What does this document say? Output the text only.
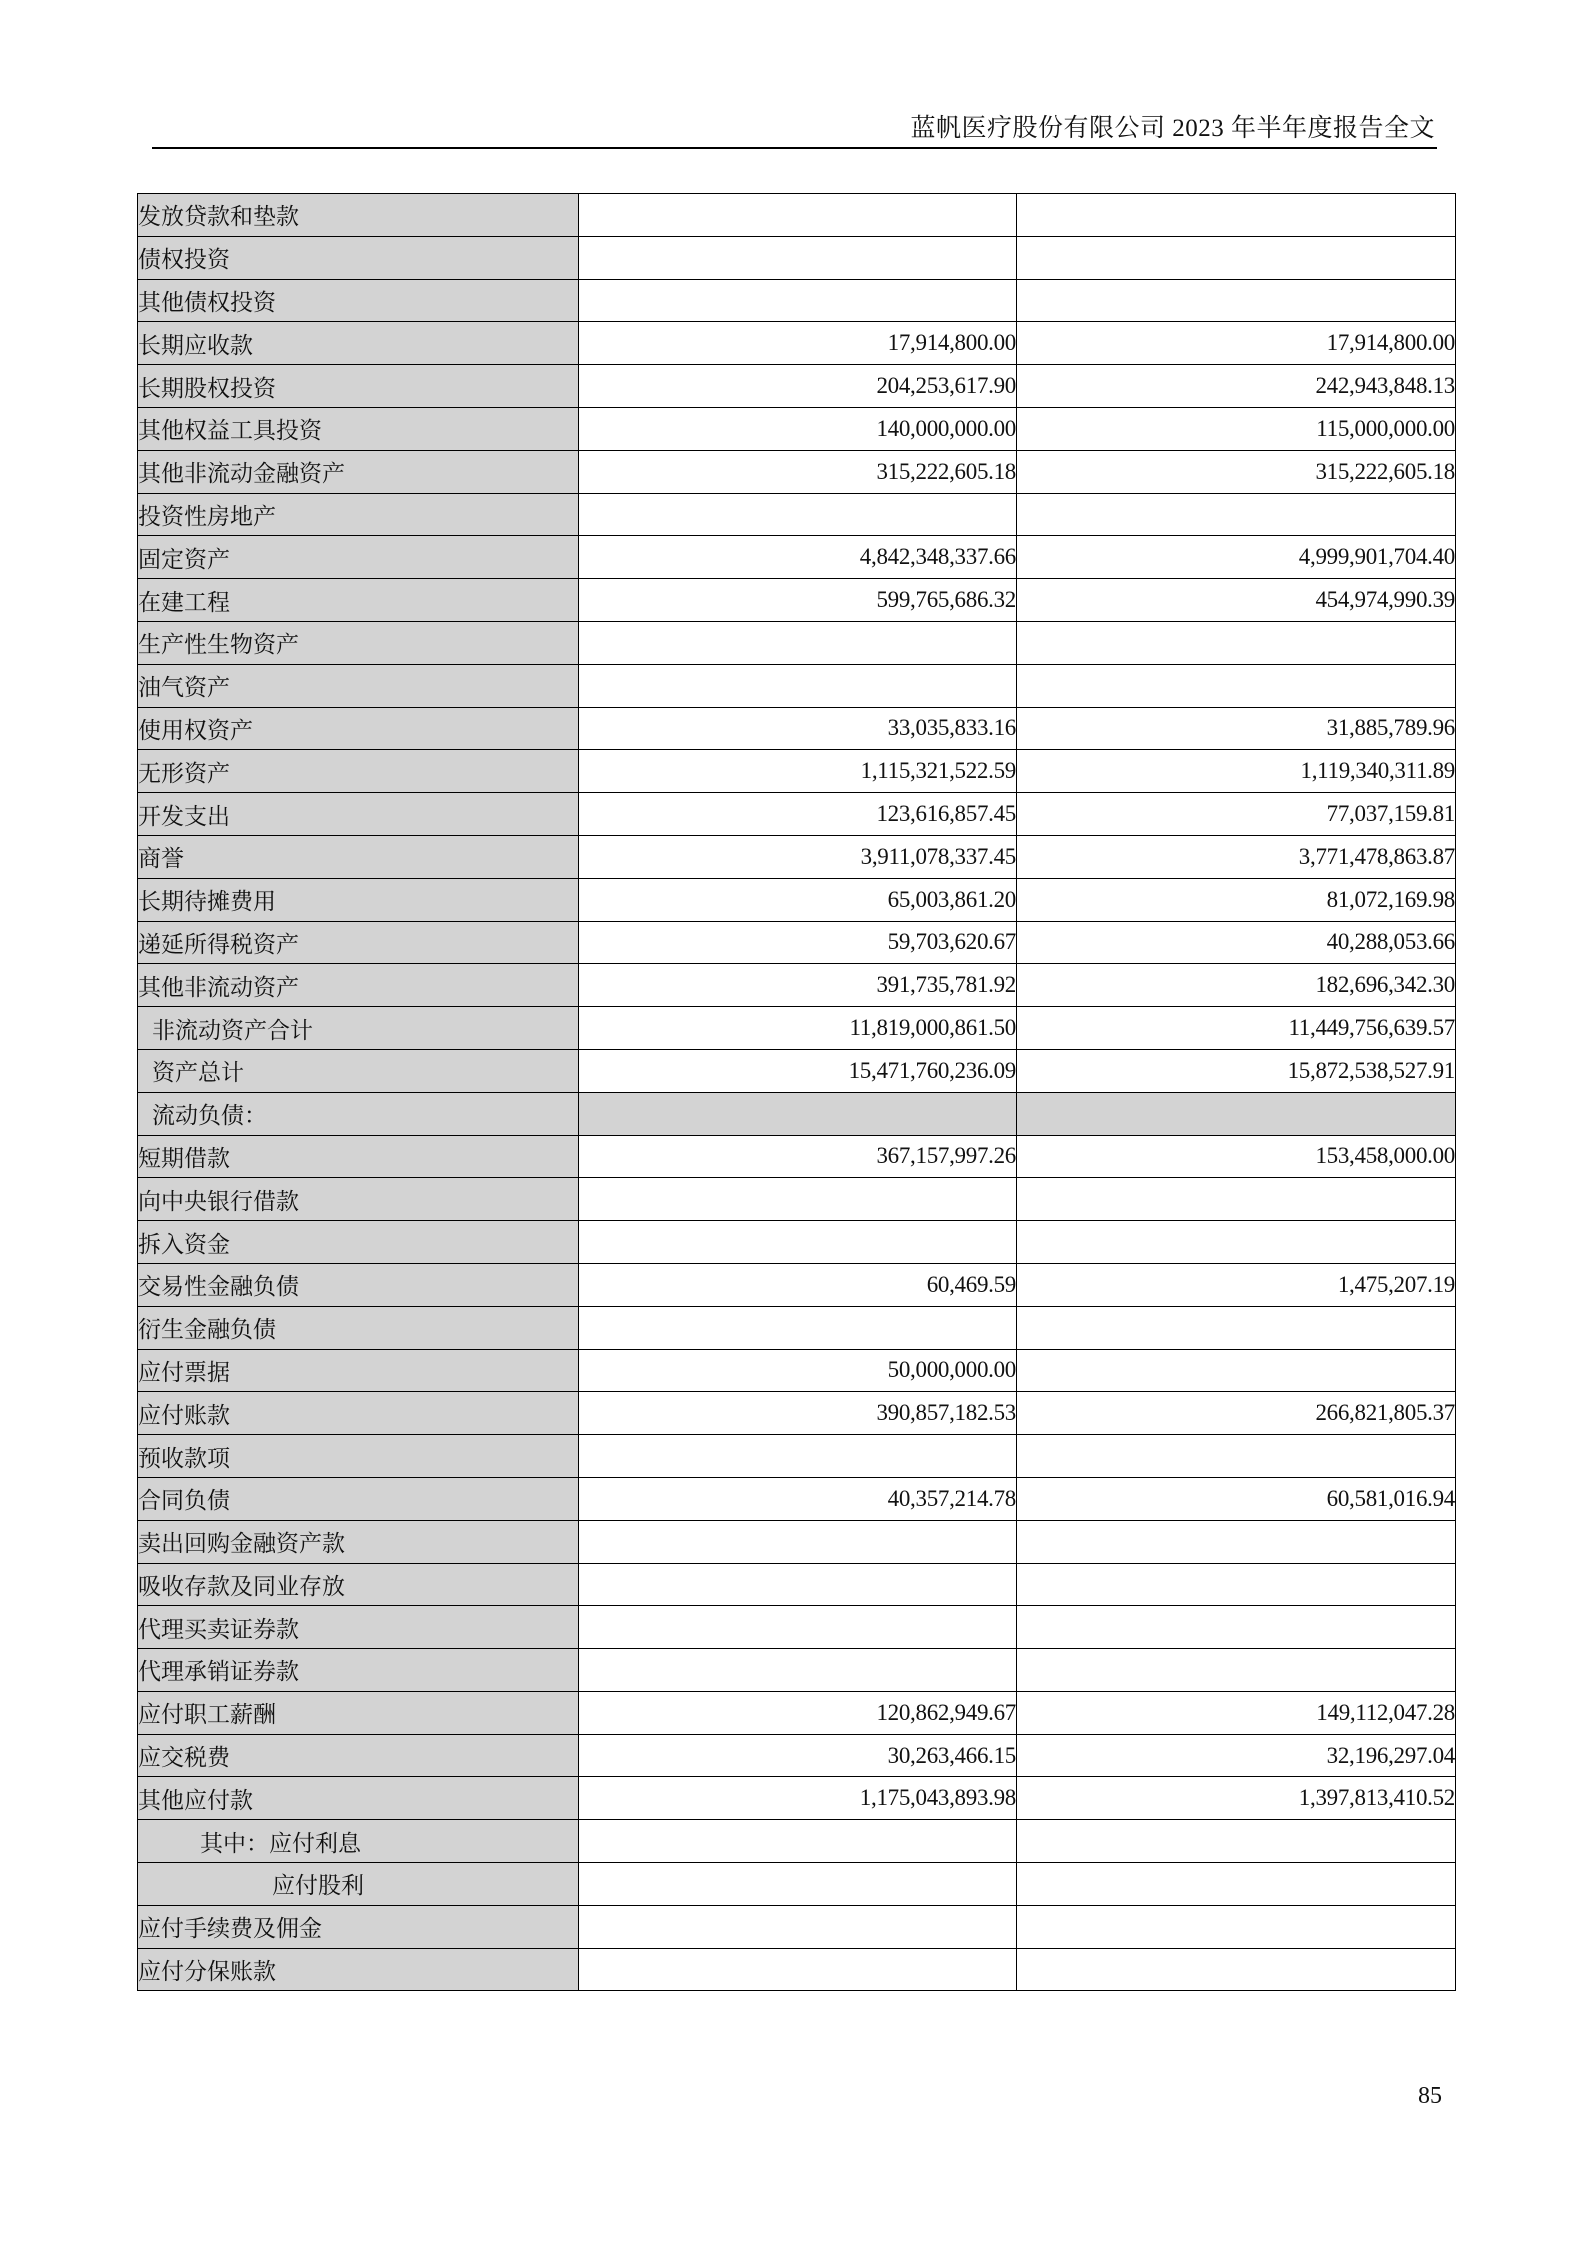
蓝帆医疗股份有限公司 2023 年半年度报告全文
发放贷款和垫款		
债权投资		
其他债权投资		
长期应收款	17,914,800.00	17,914,800.00
长期股权投资	204,253,617.90	242,943,848.13
其他权益工具投资	140,000,000.00	115,000,000.00
其他非流动金融资产	315,222,605.18	315,222,605.18
投资性房地产		
固定资产	4,842,348,337.66	4,999,901,704.40
在建工程	599,765,686.32	454,974,990.39
生产性生物资产		
油气资产		
使用权资产	33,035,833.16	31,885,789.96
无形资产	1,115,321,522.59	1,119,340,311.89
开发支出	123,616,857.45	77,037,159.81
商誉	3,911,078,337.45	3,771,478,863.87
长期待摊费用	65,003,861.20	81,072,169.98
递延所得税资产	59,703,620.67	40,288,053.66
其他非流动资产	391,735,781.92	182,696,342.30
非流动资产合计	11,819,000,861.50	11,449,756,639.57
资产总计	15,471,760,236.09	15,872,538,527.91
流动负债：		
短期借款	367,157,997.26	153,458,000.00
向中央银行借款		
拆入资金		
交易性金融负债	60,469.59	1,475,207.19
衍生金融负债		
应付票据	50,000,000.00	
应付账款	390,857,182.53	266,821,805.37
预收款项		
合同负债	40,357,214.78	60,581,016.94
卖出回购金融资产款		
吸收存款及同业存放		
代理买卖证券款		
代理承销证券款		
应付职工薪酬	120,862,949.67	149,112,047.28
应交税费	30,263,466.15	32,196,297.04
其他应付款	1,175,043,893.98	1,397,813,410.52
其中：应付利息		
应付股利		
应付手续费及佣金		
应付分保账款		
85
